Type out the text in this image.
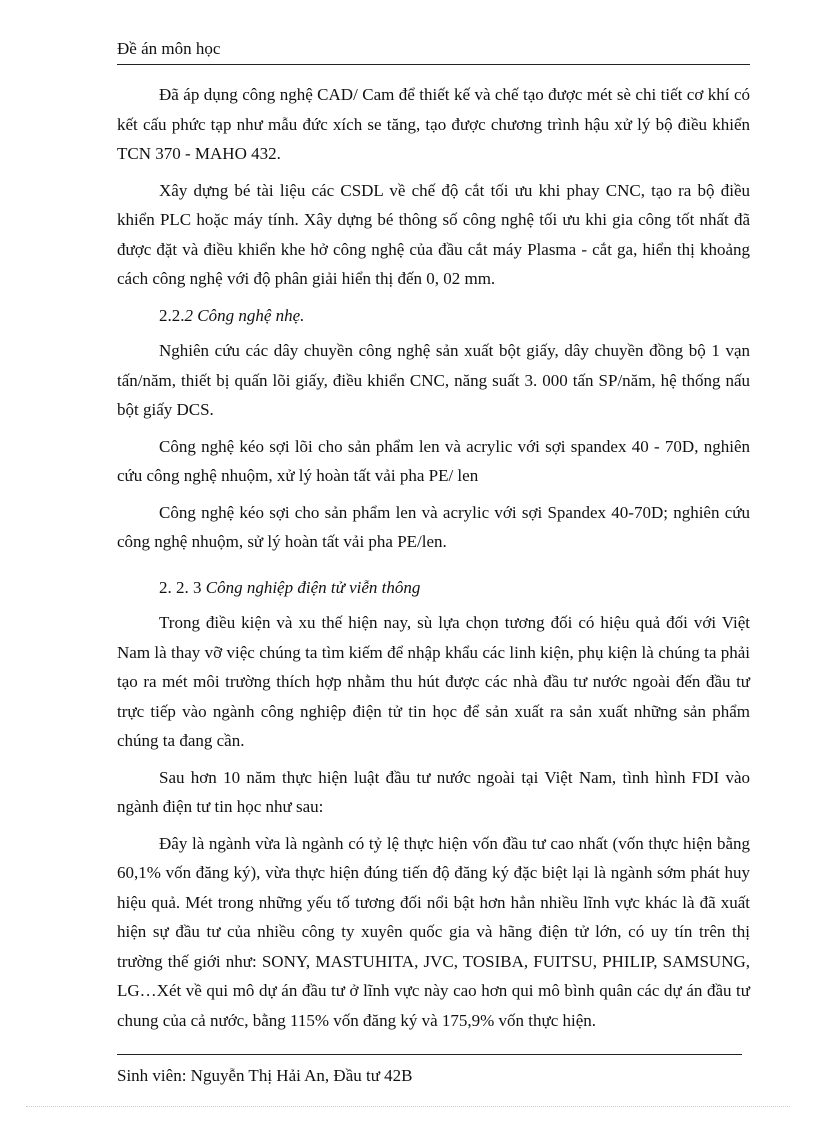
Đề án môn học

Đã áp dụng công nghệ CAD/ Cam để thiết kế và chế tạo được mét sè chi tiết cơ khí có kết cấu phức tạp như mẫu đức xích se tăng, tạo được chương trình hậu xử lý bộ điều khiển TCN 370 - MAHO 432.

Xây dựng bé tài liệu các CSDL về chế độ cắt tối ưu khi phay CNC, tạo ra bộ điều khiển PLC hoặc máy tính. Xây dựng bé thông số công nghệ tối ưu khi gia công tốt nhất đã được đặt và điều khiển khe hở công nghệ của đầu cắt máy Plasma - cắt ga, hiển thị khoảng cách công nghệ với độ phân giải hiển thị đến 0, 02 mm.

2.2.2 Công nghệ nhẹ.

Nghiên cứu các dây chuyền công nghệ sản xuất bột giấy, dây chuyền đồng bộ 1 vạn tấn/năm, thiết bị quấn lõi giấy, điều khiển CNC, năng suất 3. 000 tấn SP/năm, hệ thống nấu bột giấy DCS.

Công nghệ kéo sợi lõi cho sản phẩm len và acrylic với sợi spandex 40 - 70D, nghiên cứu công nghệ nhuộm, xử lý hoàn tất vải pha PE/ len

Công nghệ kéo sợi cho sản phẩm len và acrylic với sợi Spandex 40-70D; nghiên cứu công nghệ nhuộm, sử lý hoàn tất vải pha PE/len.

2. 2. 3 Công nghiệp điện tử viễn thông

Trong điều kiện và xu thế hiện nay, sù lựa chọn tương đối có hiệu quả đối với Việt Nam là thay vỡ việc chúng ta tìm kiếm để nhập khẩu các linh kiện, phụ kiện là chúng ta phải tạo ra mét môi trường thích hợp nhằm thu hút được các nhà đầu tư nước ngoài đến đầu tư trực tiếp vào ngành công nghiệp điện tử tin học để sản xuất ra sản xuất những sản phẩm chúng ta đang cần.

Sau hơn 10 năm thực hiện luật đầu tư nước ngoài tại Việt Nam, tình hình FDI vào ngành điện tư tin học như sau:

Đây là ngành vừa là ngành có tỷ lệ thực hiện vốn đầu tư cao nhất (vốn thực hiện bằng 60,1% vốn đăng ký), vừa thực hiện đúng tiến độ đăng ký đặc biệt lại là ngành sớm phát huy hiệu quả. Mét trong những yếu tố tương đối nổi bật hơn hẳn nhiều lĩnh vực khác là đã xuất hiện sự đầu tư của nhiều công ty xuyên quốc gia và hãng điện tử lớn, có uy tín trên thị trường thế giới như: SONY, MASTUHITA, JVC, TOSIBA, FUITSU, PHILIP, SAMSUNG, LG…Xét về qui mô dự án đầu tư ở lĩnh vực này cao hơn qui mô bình quân các dự án đầu tư chung của cả nước, bằng 115% vốn đăng ký và 175,9% vốn thực hiện.

Sinh viên: Nguyễn Thị Hải An, Đầu tư 42B
